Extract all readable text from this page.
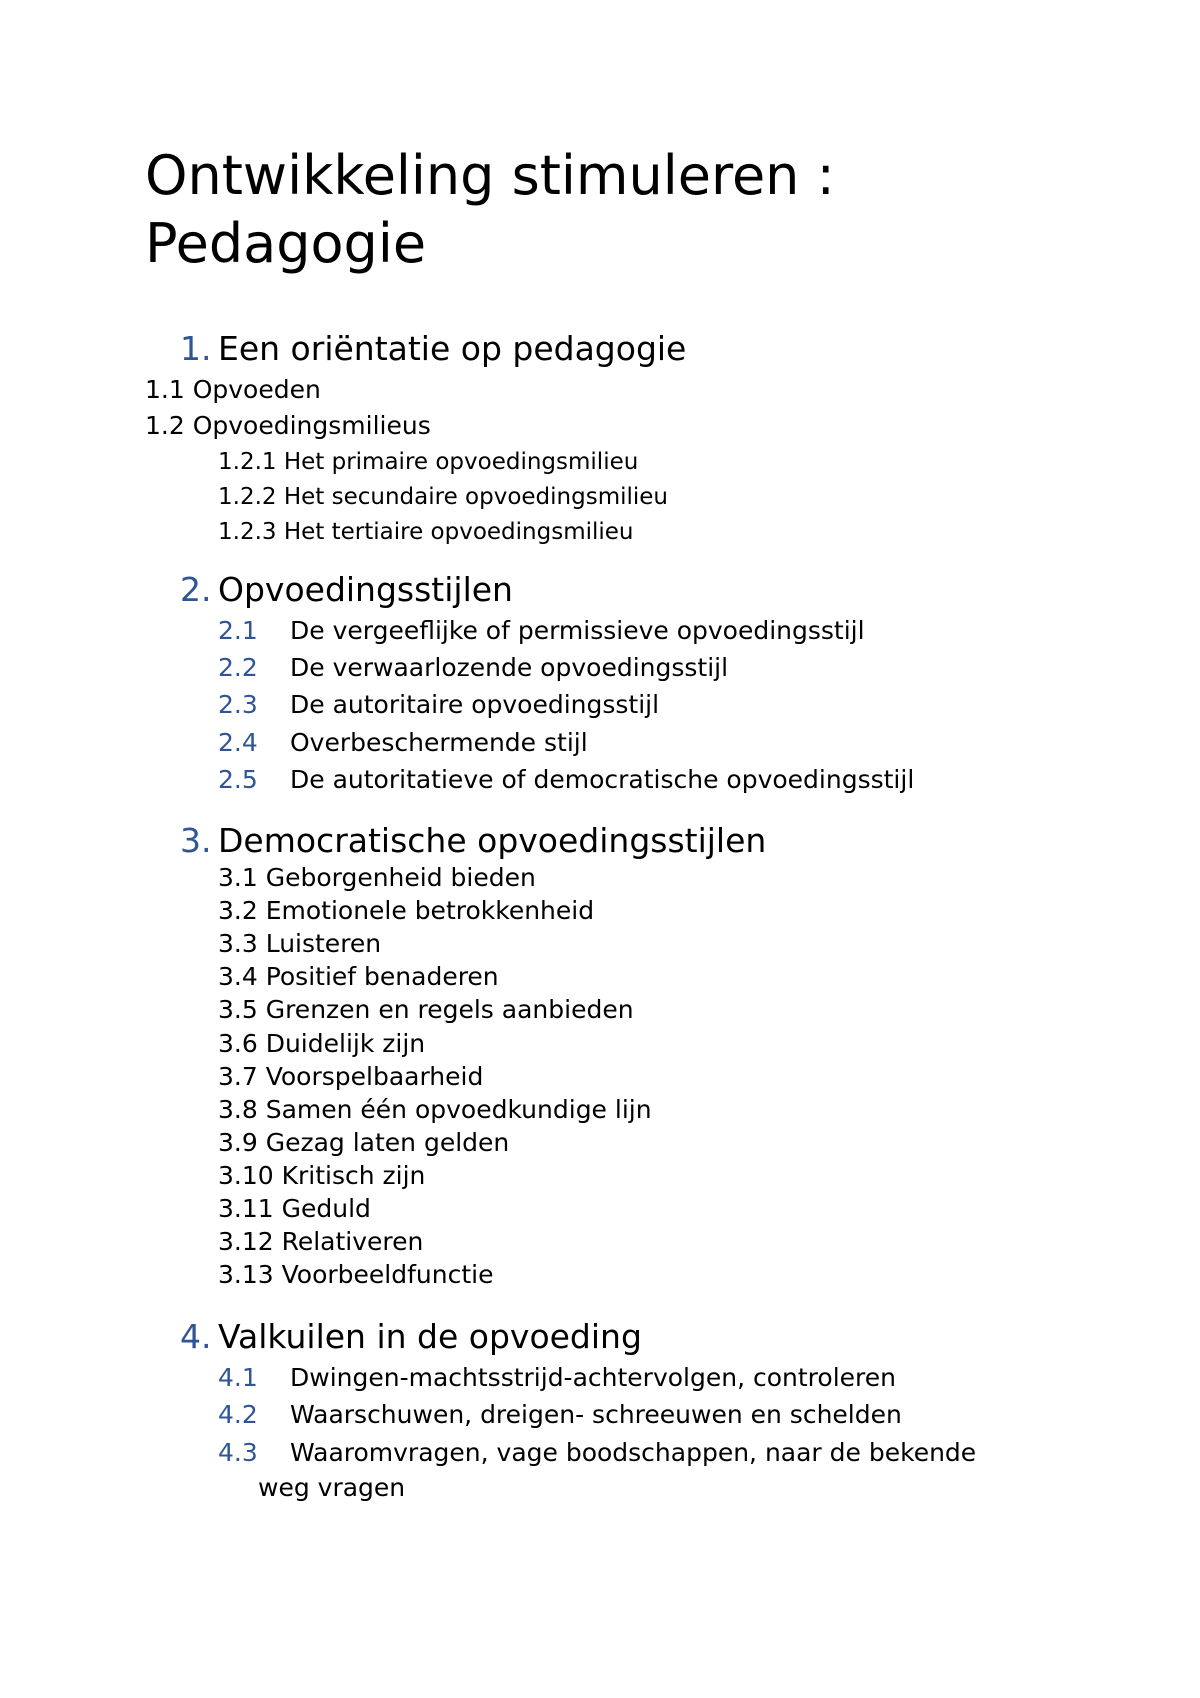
Ontwikkeling stimuleren :
Pedagogie
1. Een oriëntatie op pedagogie
1.1 Opvoeden
1.2 Opvoedingsmilieus
1.2.1 Het primaire opvoedingsmilieu
1.2.2 Het secundaire opvoedingsmilieu
1.2.3 Het tertiaire opvoedingsmilieu
2. Opvoedingsstijlen
2.1 De vergeeflijke of permissieve opvoedingsstijl
2.2 De verwaarlozende opvoedingsstijl
2.3 De autoritaire opvoedingsstijl
2.4 Overbeschermende stijl
2.5 De autoritatieve of democratische opvoedingsstijl
3. Democratische opvoedingsstijlen
3.1 Geborgenheid bieden
3.2 Emotionele betrokkenheid
3.3 Luisteren
3.4 Positief benaderen
3.5 Grenzen en regels aanbieden
3.6 Duidelijk zijn
3.7 Voorspelbaarheid
3.8 Samen één opvoedkundige lijn
3.9 Gezag laten gelden
3.10 Kritisch zijn
3.11 Geduld
3.12 Relativeren
3.13 Voorbeeldfunctie
4. Valkuilen in de opvoeding
4.1 Dwingen-machtsstrijd-achtervolgen, controleren
4.2 Waarschuwen, dreigen- schreeuwen en schelden
4.3 Waaromvragen, vage boodschappen, naar de bekende
weg vragen
